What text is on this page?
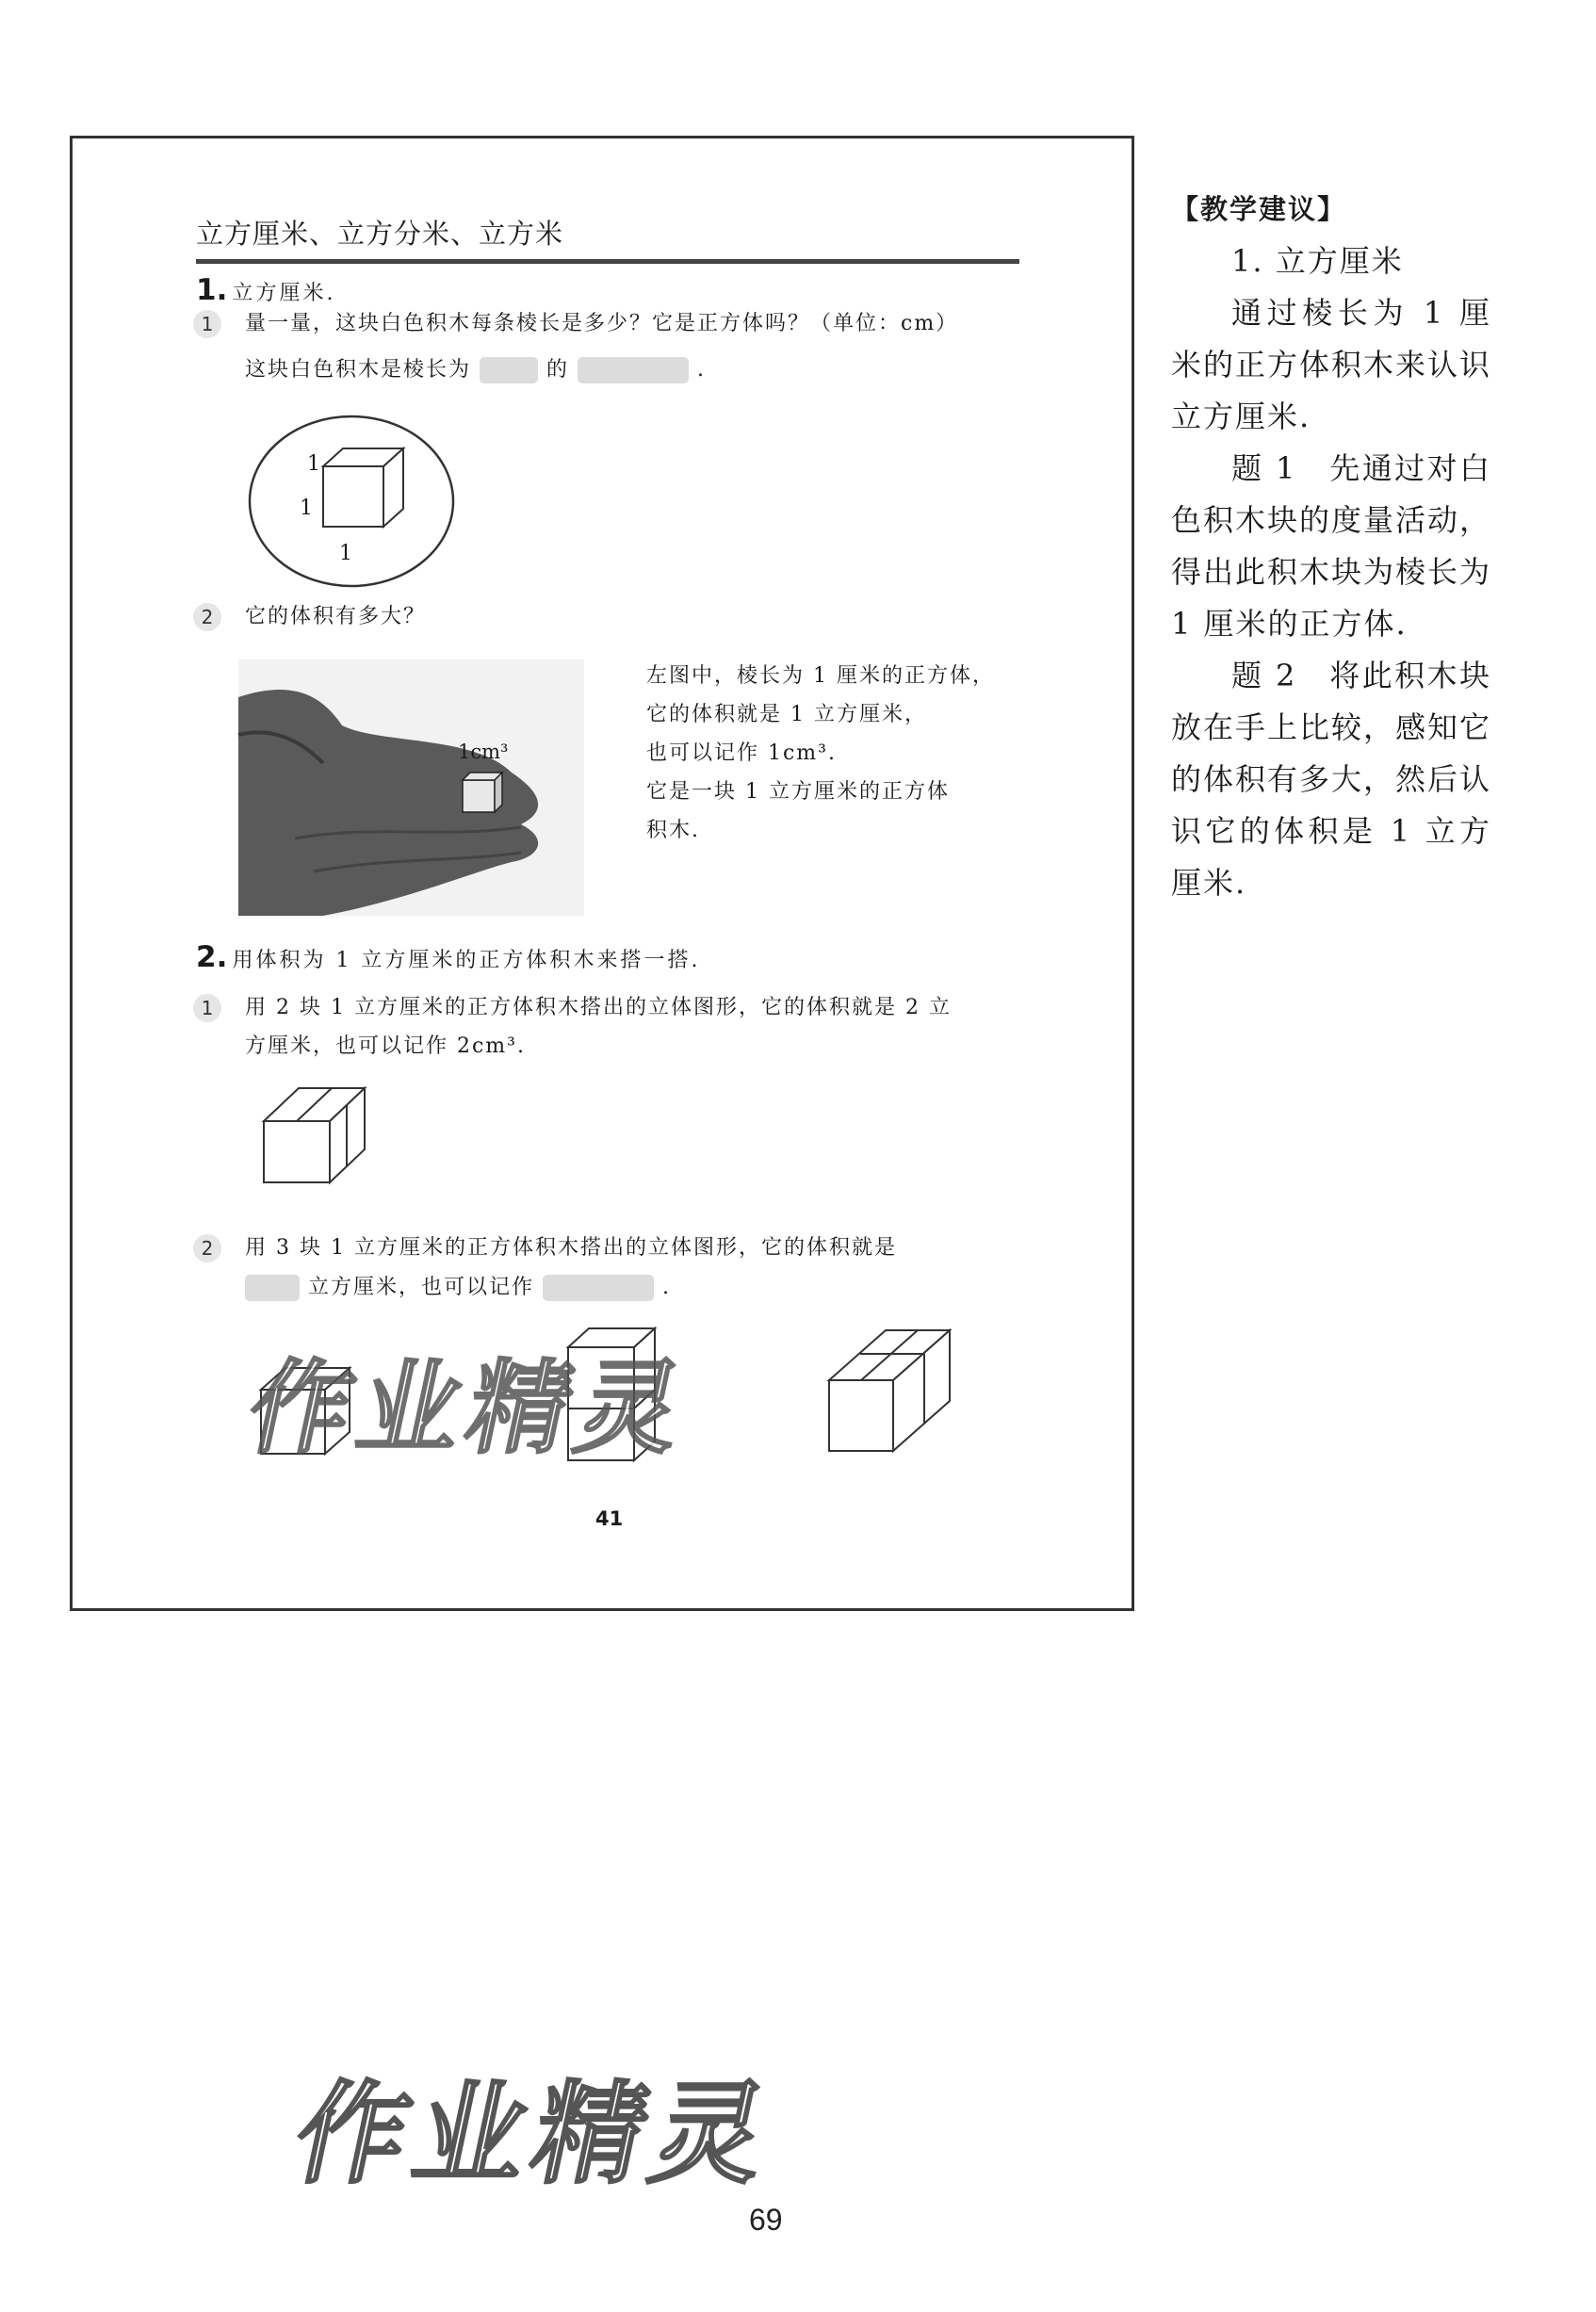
立方厘米、立方分米、立方米
1. 立方厘米.
1	量一量，这块白色积木每条棱长是多少？它是正方体吗？（单位：cm）
这块白色积木是棱长为	的	.
1
1
1
2	它的体积有多大？
1cm³
左图中，棱长为 1 厘米的正方体，
它的体积就是 1 立方厘米，
也可以记作 1cm³.
它是一块 1 立方厘米的正方体
积木.
2. 用体积为 1 立方厘米的正方体积木来搭一搭.
1	用 2 块 1 立方厘米的正方体积木搭出的立体图形，它的体积就是 2 立
方厘米，也可以记作 2cm³.
2	用 3 块 1 立方厘米的正方体积木搭出的立体图形，它的体积就是
立方厘米，也可以记作	.
作业精灵
41
【教学建议】
1. 立方厘米
通过棱长为 1 厘米的正方体积木来认识立方厘米.
题 1　先通过对白色积木块的度量活动，得出此积木块为棱长为 1 厘米的正方体.
题 2　将此积木块放在手上比较，感知它的体积有多大，然后认识它的体积是 1 立方厘米.
作业精灵
69
